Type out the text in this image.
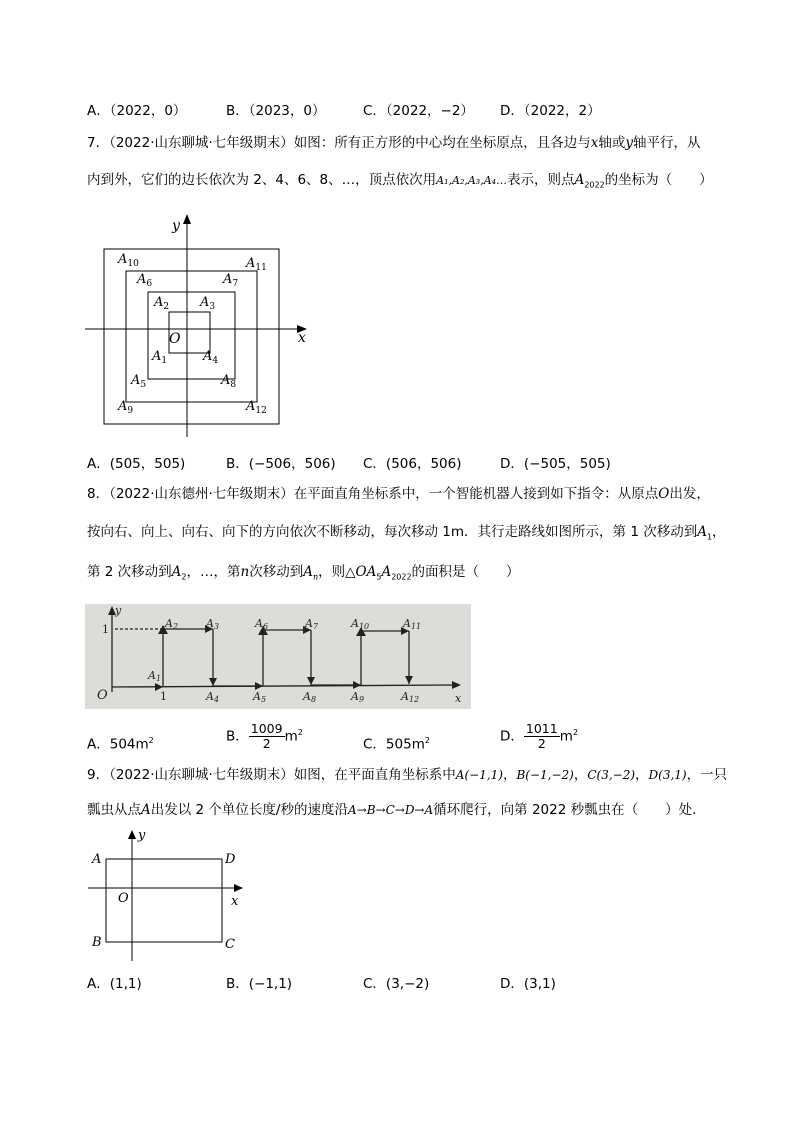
A．（2022，0）	B．（2023，0）	C．（2022，−2） D．（2022，2）
7．（2022·山东聊城·七年级期末）如图：所有正方形的中心均在坐标原点，且各边与x轴或y轴平行，从
内到外，它们的边长依次为 2、4、6、8、…，顶点依次用A₁,A₂,A₃,A₄…表示，则点$A_{2022}$的坐标为（　　）
x
y
O
$A_1$
$A_2$ $A_3$
$A_4$
$A_5$
$A_6$	$A_7$
$A_8$
$A_9$
$A_{10}$	$A_{11}$
$A_{12}$
A．(505，505)	B．(−506，506) C．(506，506)	D．(−505，505)
8．（2022·山东德州·七年级期末）在平面直角坐标系中，一个智能机器人接到如下指令：从原点O出发，
按向右、向上、向右、向下的方向依次不断移动，每次移动 1m．其行走路线如图所示，第 1 次移动到$A_1$，
第 2 次移动到$A_2$，…，第n次移动到$A_n$，则$\triangle OA_5A_{2022}$的面积是（　　）
y
x
O
1
1
A1
A2	A3
A4	A5
A6	A7
A8	A9
A10	A11
A12
A．$504m^2$	B． $\frac{1009}{2} m^2$
C．$505m^2$	D． $\frac{1011}{2} m^2$
9．（2022·山东聊城·七年级期末）如图，在平面直角坐标系中A(−1,1)，B(−1,−2)，C(3,−2)，D(3,1)，一只
瓢虫从点A出发以 2 个单位长度/秒的速度沿A→B→C→D→A循环爬行，向第 2022 秒瓢虫在（　　）处．
A
B	C
D
O	x
y
A．(1,1)	B．(−1,1)	C．(3,−2)	D．(3,1)
